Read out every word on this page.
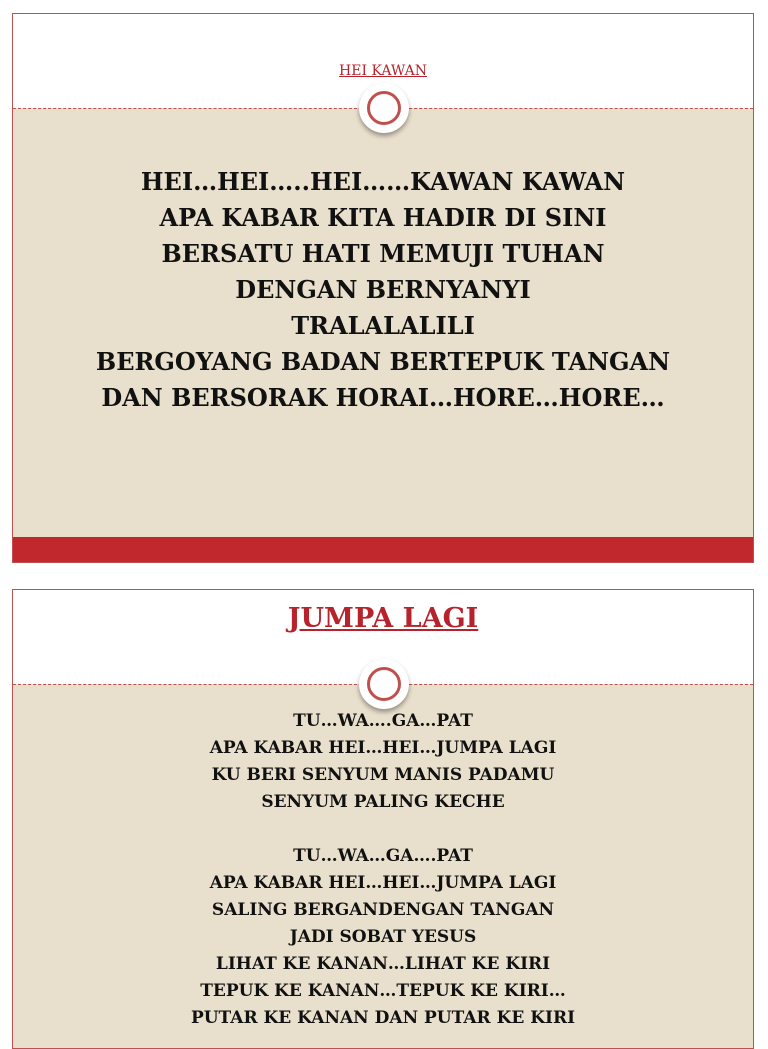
HEI KAWAN
HEI…HEI…..HEI……KAWAN KAWAN
APA KABAR KITA HADIR DI SINI
BERSATU HATI MEMUJI TUHAN
DENGAN BERNYANYI
TRALALALILI
BERGOYANG BADAN BERTEPUK TANGAN
DAN BERSORAK HORAI…HORE…HORE…
JUMPA LAGI
TU…WA….GA…PAT
APA KABAR HEI…HEI…JUMPA LAGI
KU BERI SENYUM MANIS PADAMU
SENYUM PALING KECHE
TU…WA…GA….PAT
APA KABAR HEI…HEI…JUMPA LAGI
SALING BERGANDENGAN TANGAN
JADI SOBAT YESUS
LIHAT KE KANAN…LIHAT KE KIRI
TEPUK KE KANAN…TEPUK KE KIRI…
PUTAR KE KANAN DAN PUTAR KE KIRI
